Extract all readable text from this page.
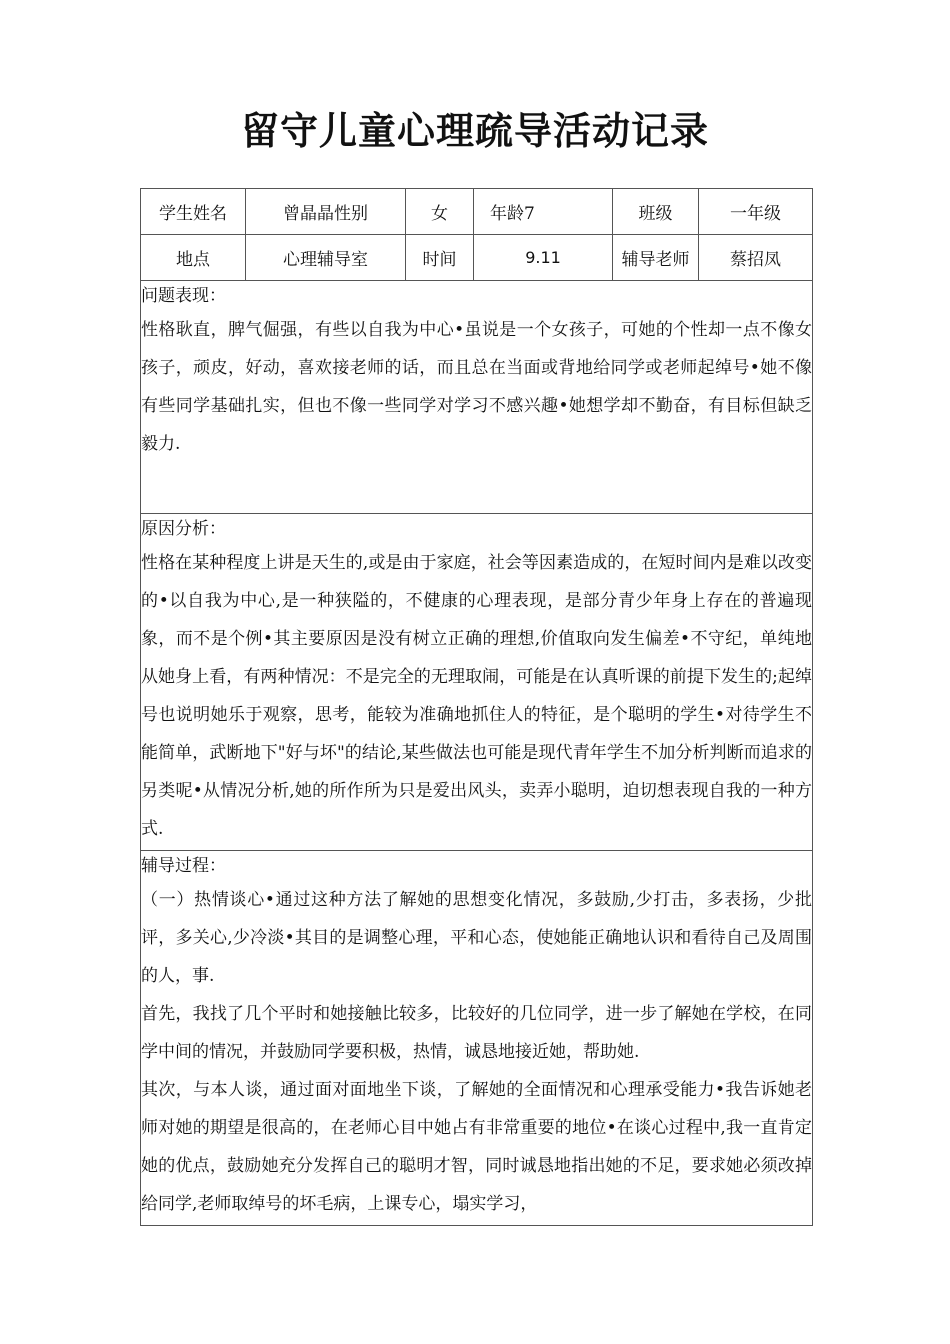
留守儿童心理疏导活动记录
学生姓名	曾晶晶性别	女	年龄7	班级	一年级
地点	心理辅导室	时间	9.11	辅导老师	蔡招凤

问题表现：
性格耿直，脾气倔强，有些以自我为中心•虽说是一个女孩子，可她的个性却一点不像女孩子，顽皮，好动，喜欢接老师的话，而且总在当面或背地给同学或老师起绰号•她不像有些同学基础扎实，但也不像一些同学对学习不感兴趣•她想学却不勤奋，有目标但缺乏毅力.					

原因分析：
性格在某种程度上讲是天生的,或是由于家庭，社会等因素造成的，在短时间内是难以改变的•以自我为中心,是一种狭隘的，不健康的心理表现，是部分青少年身上存在的普遍现象，而不是个例•其主要原因是没有树立正确的理想,价值取向发生偏差•不守纪，单纯地从她身上看，有两种情况：不是完全的无理取闹，可能是在认真听课的前提下发生的;起绰号也说明她乐于观察，思考，能较为准确地抓住人的特征，是个聪明的学生•对待学生不能简单，武断地下"好与坏"的结论,某些做法也可能是现代青年学生不加分析判断而追求的另类呢•从情况分析,她的所作所为只是爱出风头，卖弄小聪明，迫切想表现自我的一种方式.					

辅导过程：

（一）热情谈心•通过这种方法了解她的思想变化情况，多鼓励,少打击，多表扬，少批评，多关心,少冷淡•其目的是调整心理，平和心态，使她能正确地认识和看待自己及周围的人，事.

首先，我找了几个平时和她接触比较多，比较好的几位同学，进一步了解她在学校，在同学中间的情况，并鼓励同学要积极，热情，诚恳地接近她，帮助她.

其次，与本人谈，通过面对面地坐下谈，了解她的全面情况和心理承受能力•我告诉她老师对她的期望是很高的，在老师心目中她占有非常重要的地位•在谈心过程中,我一直肯定她的优点，鼓励她充分发挥自己的聪明才智，同时诚恳地指出她的不足，要求她必须改掉给同学,老师取绰号的坏毛病，上课专心，塌实学习，					
